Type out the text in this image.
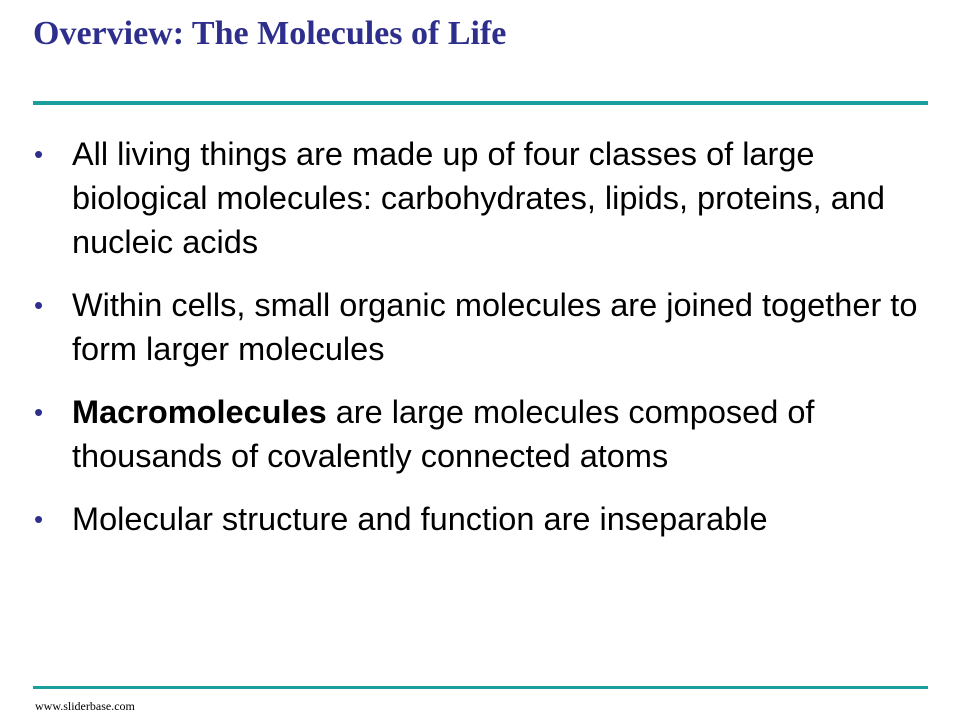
Overview: The Molecules of Life
• All living things are made up of four classes of large biological molecules: carbohydrates, lipids, proteins, and nucleic acids
• Within cells, small organic molecules are joined together to form larger molecules
• Macromolecules are large molecules composed of thousands of covalently connected atoms
• Molecular structure and function are inseparable
www.sliderbase.com
